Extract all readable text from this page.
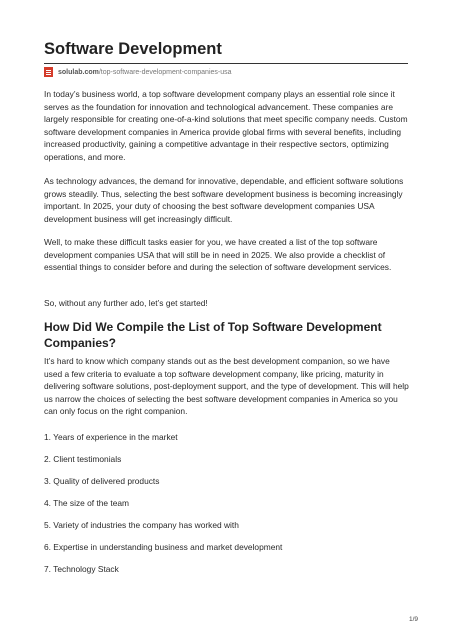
Software Development
solulab.com /top-software-development-companies-usa

In today’s business world, a top software development company plays an essential role since it serves as the foundation for innovation and technological advancement. These companies are largely responsible for creating one-of-a-kind solutions that meet specific company needs. Custom software development companies in America provide global firms with several benefits, including increased productivity, gaining a competitive advantage in their respective sectors, optimizing operations, and more.

As technology advances, the demand for innovative, dependable, and efficient software solutions grows steadily. Thus, selecting the best software development business is becoming increasingly important. In 2025, your duty of choosing the best software development companies USA development business will get increasingly difficult.

Well, to make these difficult tasks easier for you, we have created a list of the top software development companies USA that will still be in need in 2025. We also provide a checklist of essential things to consider before and during the selection of software development services.

So, without any further ado, let’s get started!

How Did We Compile the List of Top Software Development Companies?

It’s hard to know which company stands out as the best development companion, so we have used a few criteria to evaluate a top software development company, like pricing, maturity in delivering software solutions, post-deployment support, and the type of development. This will help us narrow the choices of selecting the best software development companies in America so you can only focus on the right companion.

1. Years of experience in the market

2. Client testimonials

3. Quality of delivered products

4. The size of the team

5. Variety of industries the company has worked with

6. Expertise in understanding business and market development

7. Technology Stack

1/9
